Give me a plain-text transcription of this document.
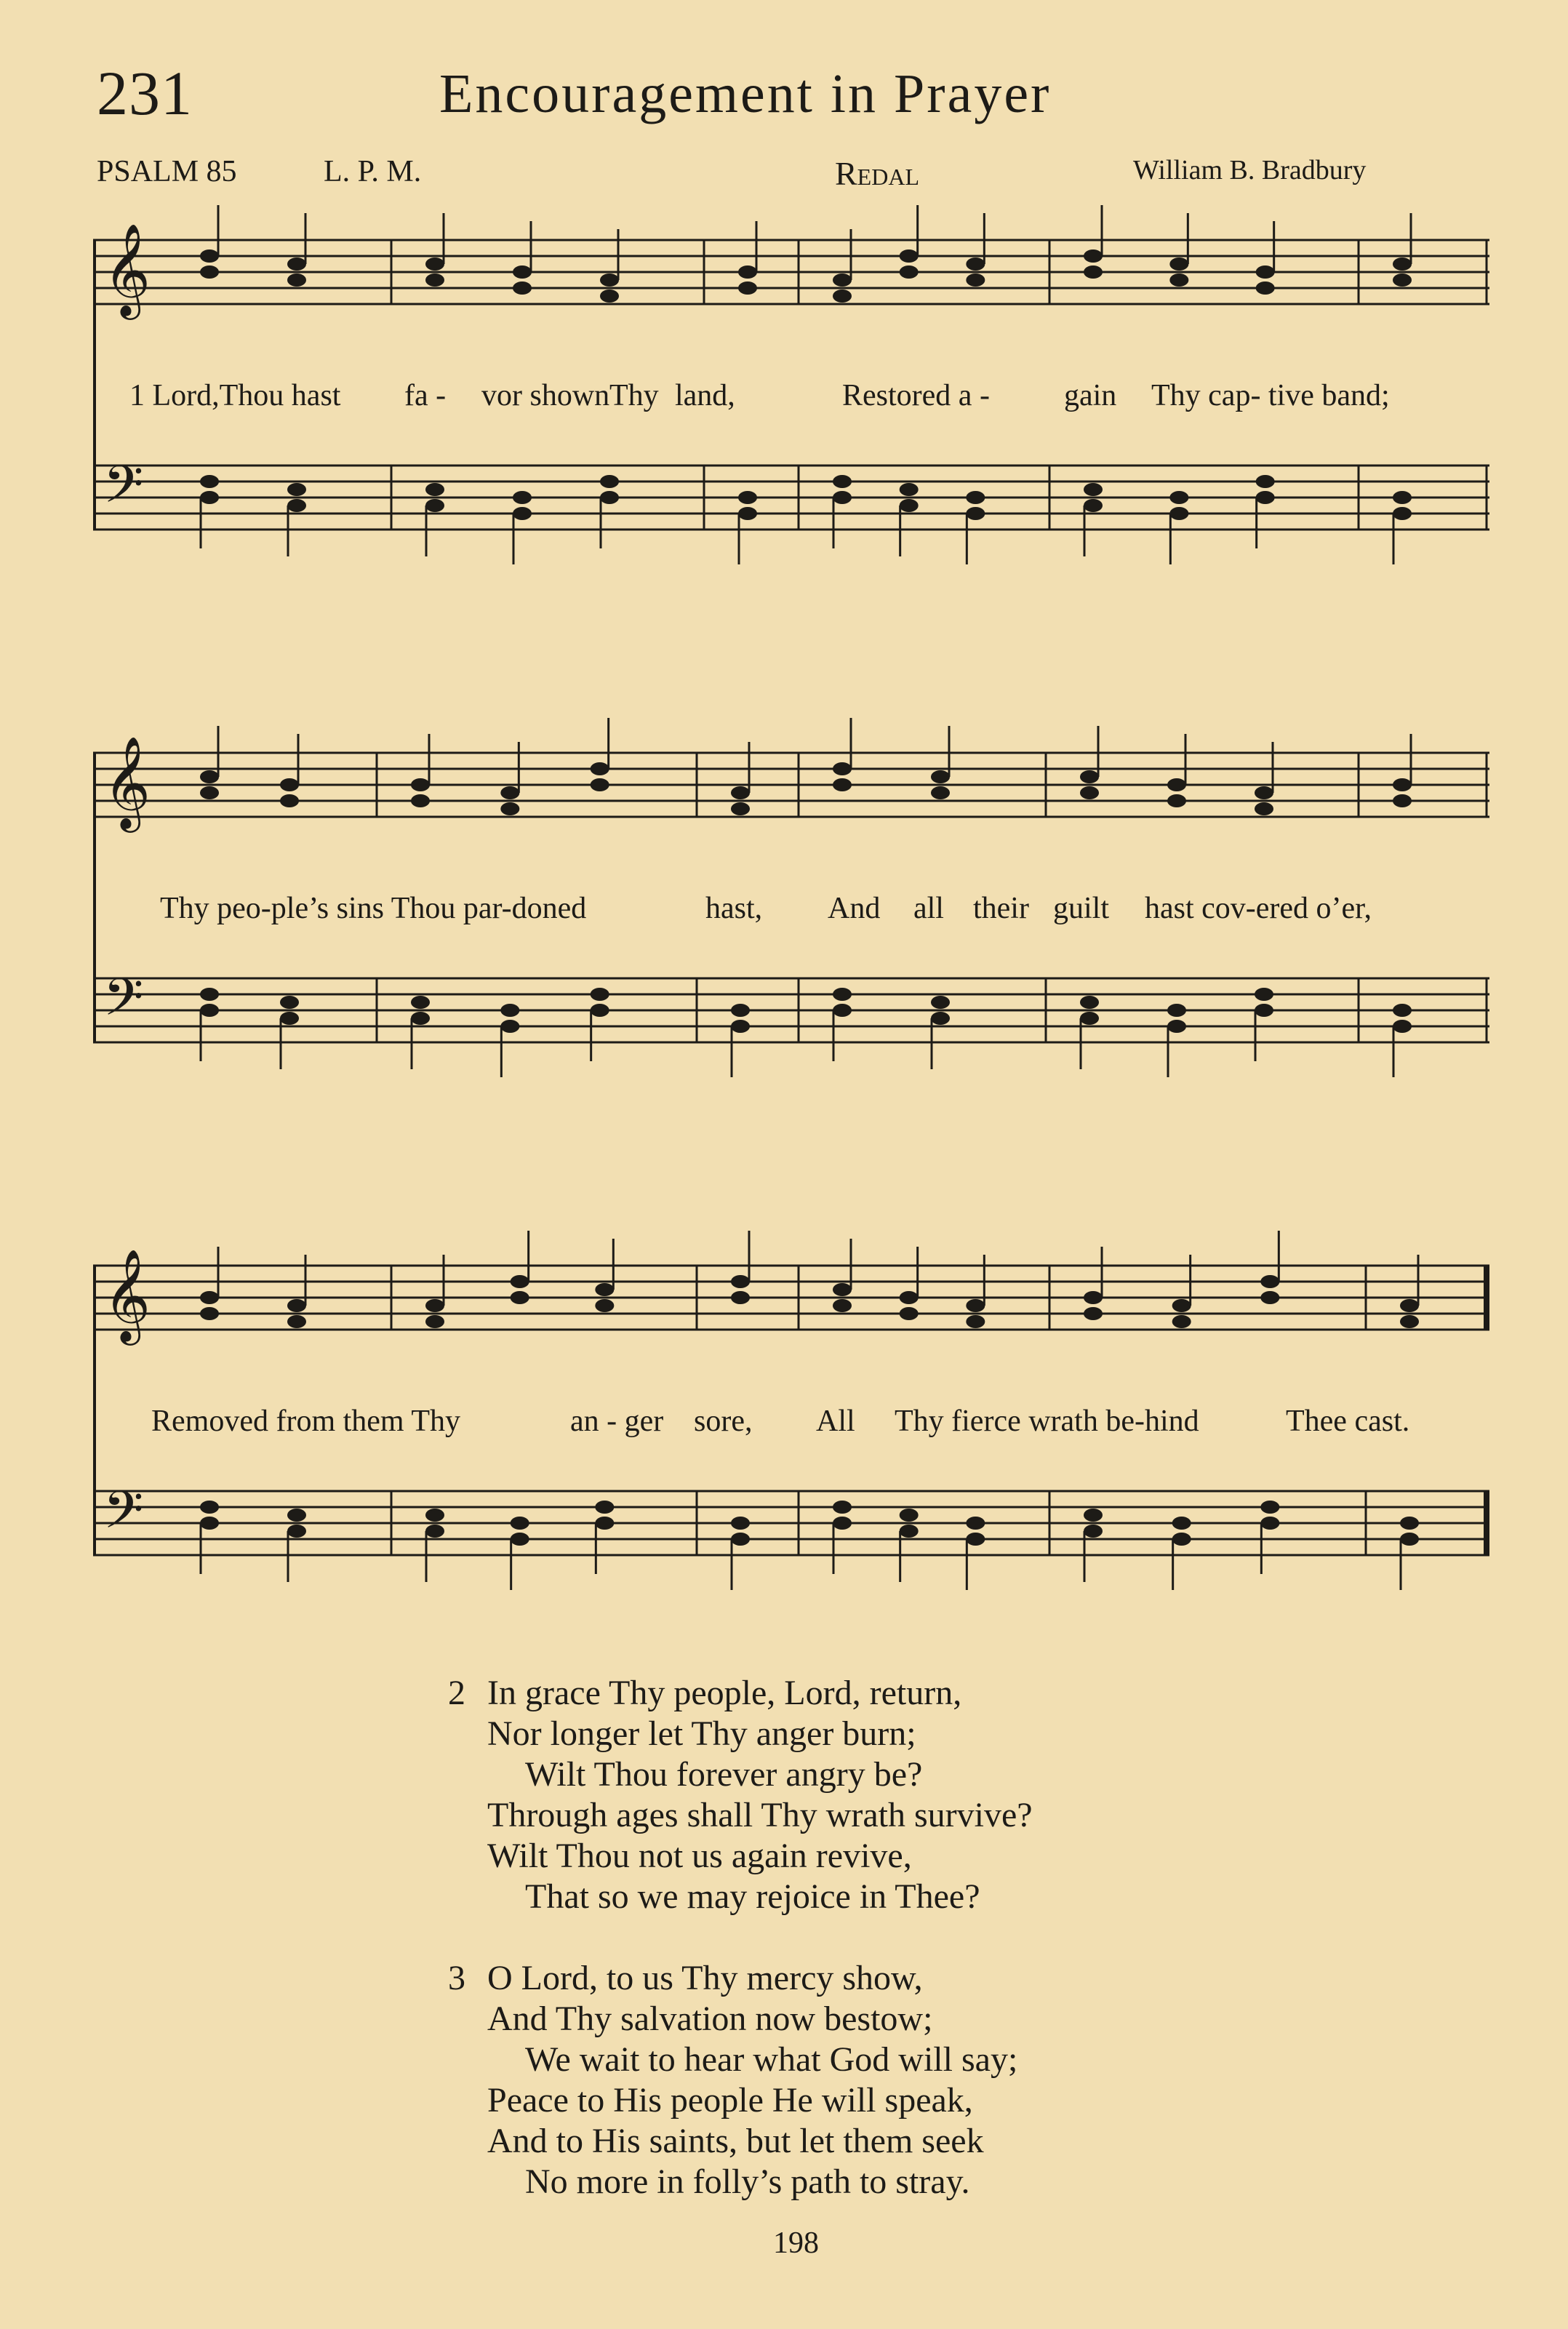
231	Encouragement in Prayer
PSALM 85	L. P. M.	Redal	William B. Bradbury
𝄞
𝄢
1 Lord,Thou hast fa - vor shown Thy land,	Restored a - gain Thy cap- tive band;
𝄞
𝄢
Thy peo-ple’s sins Thou par-doned	hast, And all their guilt hast cov-ered o’er,
𝄞
𝄢
Removed from them Thy	an - ger sore, All Thy fierce wrath be-hind	Thee cast.
2 In grace Thy people, Lord, return,
Nor longer let Thy anger burn;
Wilt Thou forever angry be?
Through ages shall Thy wrath survive?
Wilt Thou not us again revive,
That so we may rejoice in Thee?
3 O Lord, to us Thy mercy show,
And Thy salvation now bestow;
We wait to hear what God will say;
Peace to His people He will speak,
And to His saints, but let them seek
No more in folly’s path to stray.
198
